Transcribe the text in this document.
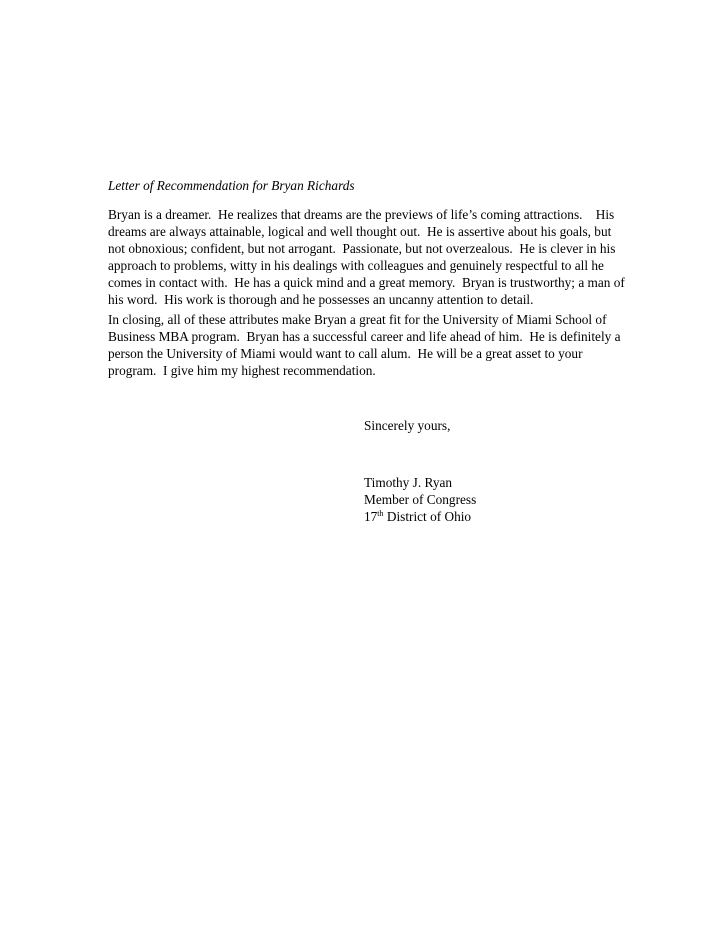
Letter of Recommendation for Bryan Richards
Bryan is a dreamer.  He realizes that dreams are the previews of life’s coming attractions.    His
dreams are always attainable, logical and well thought out.  He is assertive about his goals, but
not obnoxious; confident, but not arrogant.  Passionate, but not overzealous.  He is clever in his
approach to problems, witty in his dealings with colleagues and genuinely respectful to all he
comes in contact with.  He has a quick mind and a great memory.  Bryan is trustworthy; a man of
his word.  His work is thorough and he possesses an uncanny attention to detail.
In closing, all of these attributes make Bryan a great fit for the University of Miami School of
Business MBA program.  Bryan has a successful career and life ahead of him.  He is definitely a
person the University of Miami would want to call alum.  He will be a great asset to your
program.  I give him my highest recommendation.
Sincerely yours,
Timothy J. Ryan
Member of Congress
17th District of Ohio
